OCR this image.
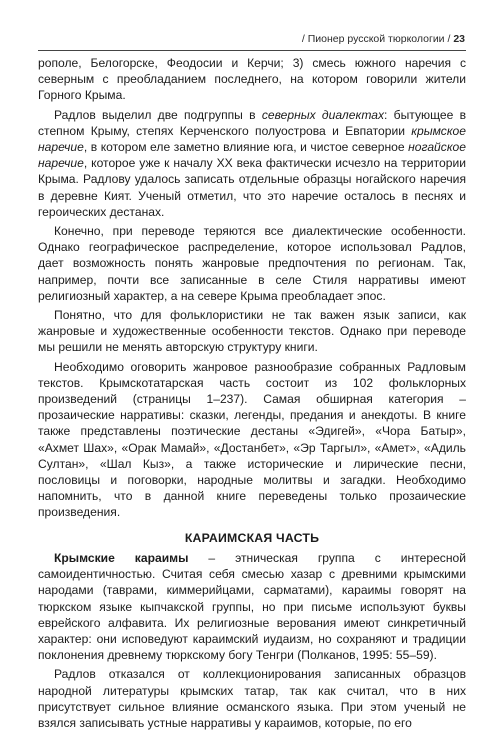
/ Пионер русской тюркологии / 23

рополе, Белогорске, Феодосии и Керчи; 3) смесь южного наречия с северным с преобладанием последнего, на котором говорили жители Горного Крыма.

Радлов выделил две подгруппы в северных диалектах: бытующее в степном Крыму, степях Керченского полуострова и Евпатории крымское наречие, в котором еле заметно влияние юга, и чистое северное ногайское наречие, которое уже к началу XX века фактически исчезло на территории Крыма. Радлову удалось записать отдельные образцы ногайского наречия в деревне Кият. Ученый отметил, что это наречие осталось в песнях и героических дестанах.

Конечно, при переводе теряются все диалектические особенности. Однако географическое распределение, которое использовал Радлов, дает возможность понять жанровые предпочтения по регионам. Так, например, почти все записанные в селе Стиля нарративы имеют религиозный характер, а на севере Крыма преобладает эпос.

Понятно, что для фольклористики не так важен язык записи, как жанровые и художественные особенности текстов. Однако при переводе мы решили не менять авторскую структуру книги.

Необходимо оговорить жанровое разнообразие собранных Радловым текстов. Крымскотатарская часть состоит из 102 фольклорных произведений (страницы 1–237). Самая обширная категория – прозаические нарративы: сказки, легенды, предания и анекдоты. В книге также представлены поэтические дестаны «Эдигей», «Чора Батыр», «Ахмет Шах», «Орак Мамай», «Достанбет», «Эр Таргыл», «Амет», «Адиль Султан», «Шал Кыз», а также исторические и лирические песни, пословицы и поговорки, народные молитвы и загадки. Необходимо напомнить, что в данной книге переведены только прозаические произведения.

КАРАИМСКАЯ ЧАСТЬ

Крымские караимы – этническая группа с интересной самоидентичностью. Считая себя смесью хазар с древними крымскими народами (таврами, киммерийцами, сарматами), караимы говорят на тюркском языке кыпчакской группы, но при письме используют буквы еврейского алфавита. Их религиозные верования имеют синкретичный характер: они исповедуют караимский иудаизм, но сохраняют и традиции поклонения древнему тюркскому богу Тенгри (Полканов, 1995: 55–59).

Радлов отказался от коллекционирования записанных образцов народной литературы крымских татар, так как считал, что в них присутствует сильное влияние османского языка. При этом ученый не взялся записывать устные нарративы у караимов, которые, по его
